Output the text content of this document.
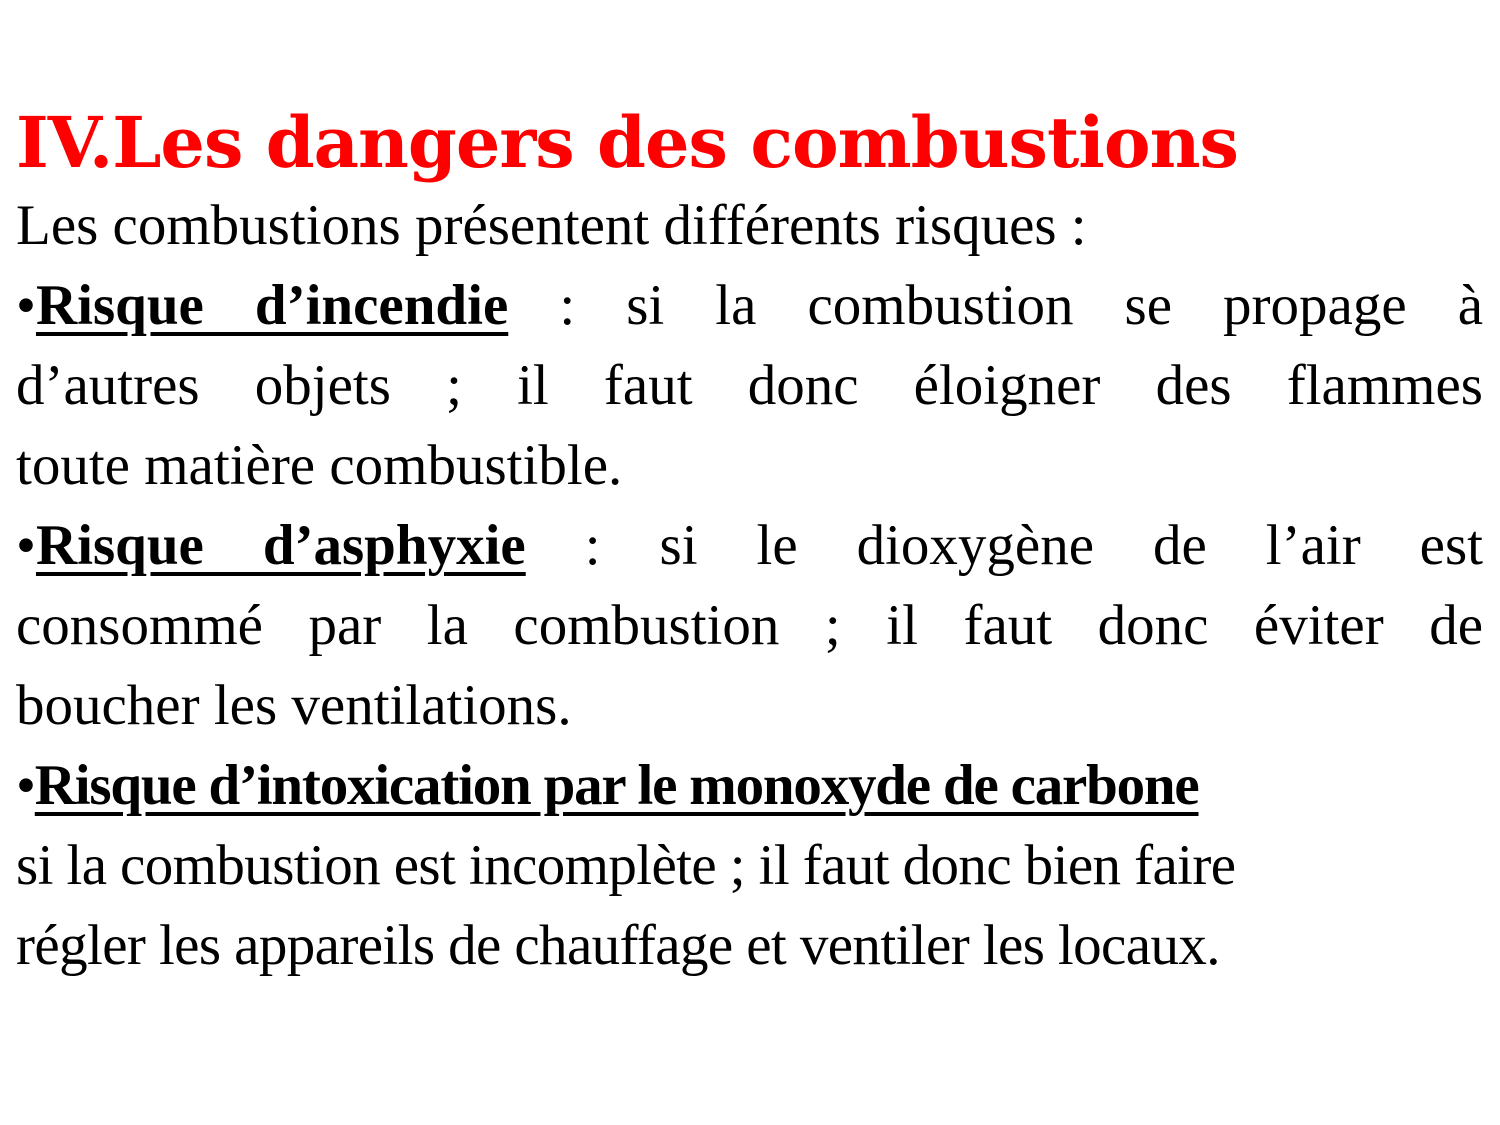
IV.Les dangers des combustions

Les combustions présentent différents risques :

•Risque d’incendie : si la combustion se propage à

d’autres objets ; il faut donc éloigner des flammes

toute matière combustible.

•Risque d’asphyxie : si le dioxygène de l’air est

consommé par la combustion ; il faut donc éviter de

boucher les ventilations.

•Risque d’intoxication par le monoxyde de carbone

si la combustion est incomplète ; il faut donc bien faire

régler les appareils de chauffage et ventiler les locaux.
